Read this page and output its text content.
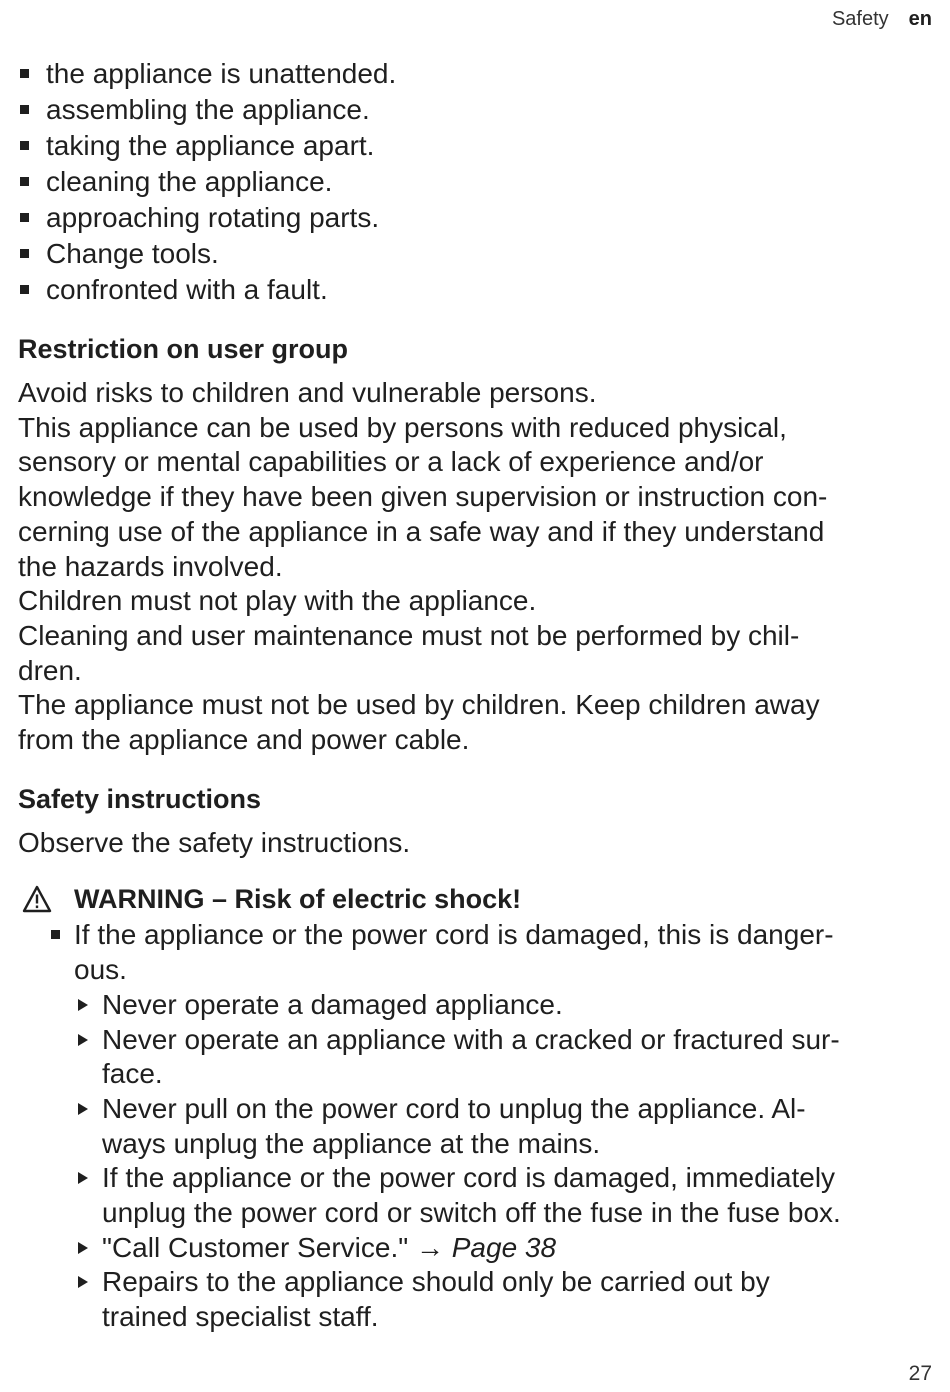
Safety en
the appliance is unattended.
assembling the appliance.
taking the appliance apart.
cleaning the appliance.
approaching rotating parts.
Change tools.
confronted with a fault.
Restriction on user group
Avoid risks to children and vulnerable persons.
This appliance can be used by persons with reduced physical,
sensory or mental capabilities or a lack of experience and/or
knowledge if they have been given supervision or instruction con-
cerning use of the appliance in a safe way and if they understand
the hazards involved.
Children must not play with the appliance.
Cleaning and user maintenance must not be performed by chil-
dren.
The appliance must not be used by children. Keep children away
from the appliance and power cable.
Safety instructions
Observe the safety instructions.
WARNING – Risk of electric shock!
If the appliance or the power cord is damaged, this is danger-
ous.
Never operate a damaged appliance.
Never operate an appliance with a cracked or fractured sur-
face.
Never pull on the power cord to unplug the appliance. Al-
ways unplug the appliance at the mains.
If the appliance or the power cord is damaged, immediately
unplug the power cord or switch off the fuse in the fuse box.
"Call Customer Service." → Page 38
Repairs to the appliance should only be carried out by
trained specialist staff.
27
